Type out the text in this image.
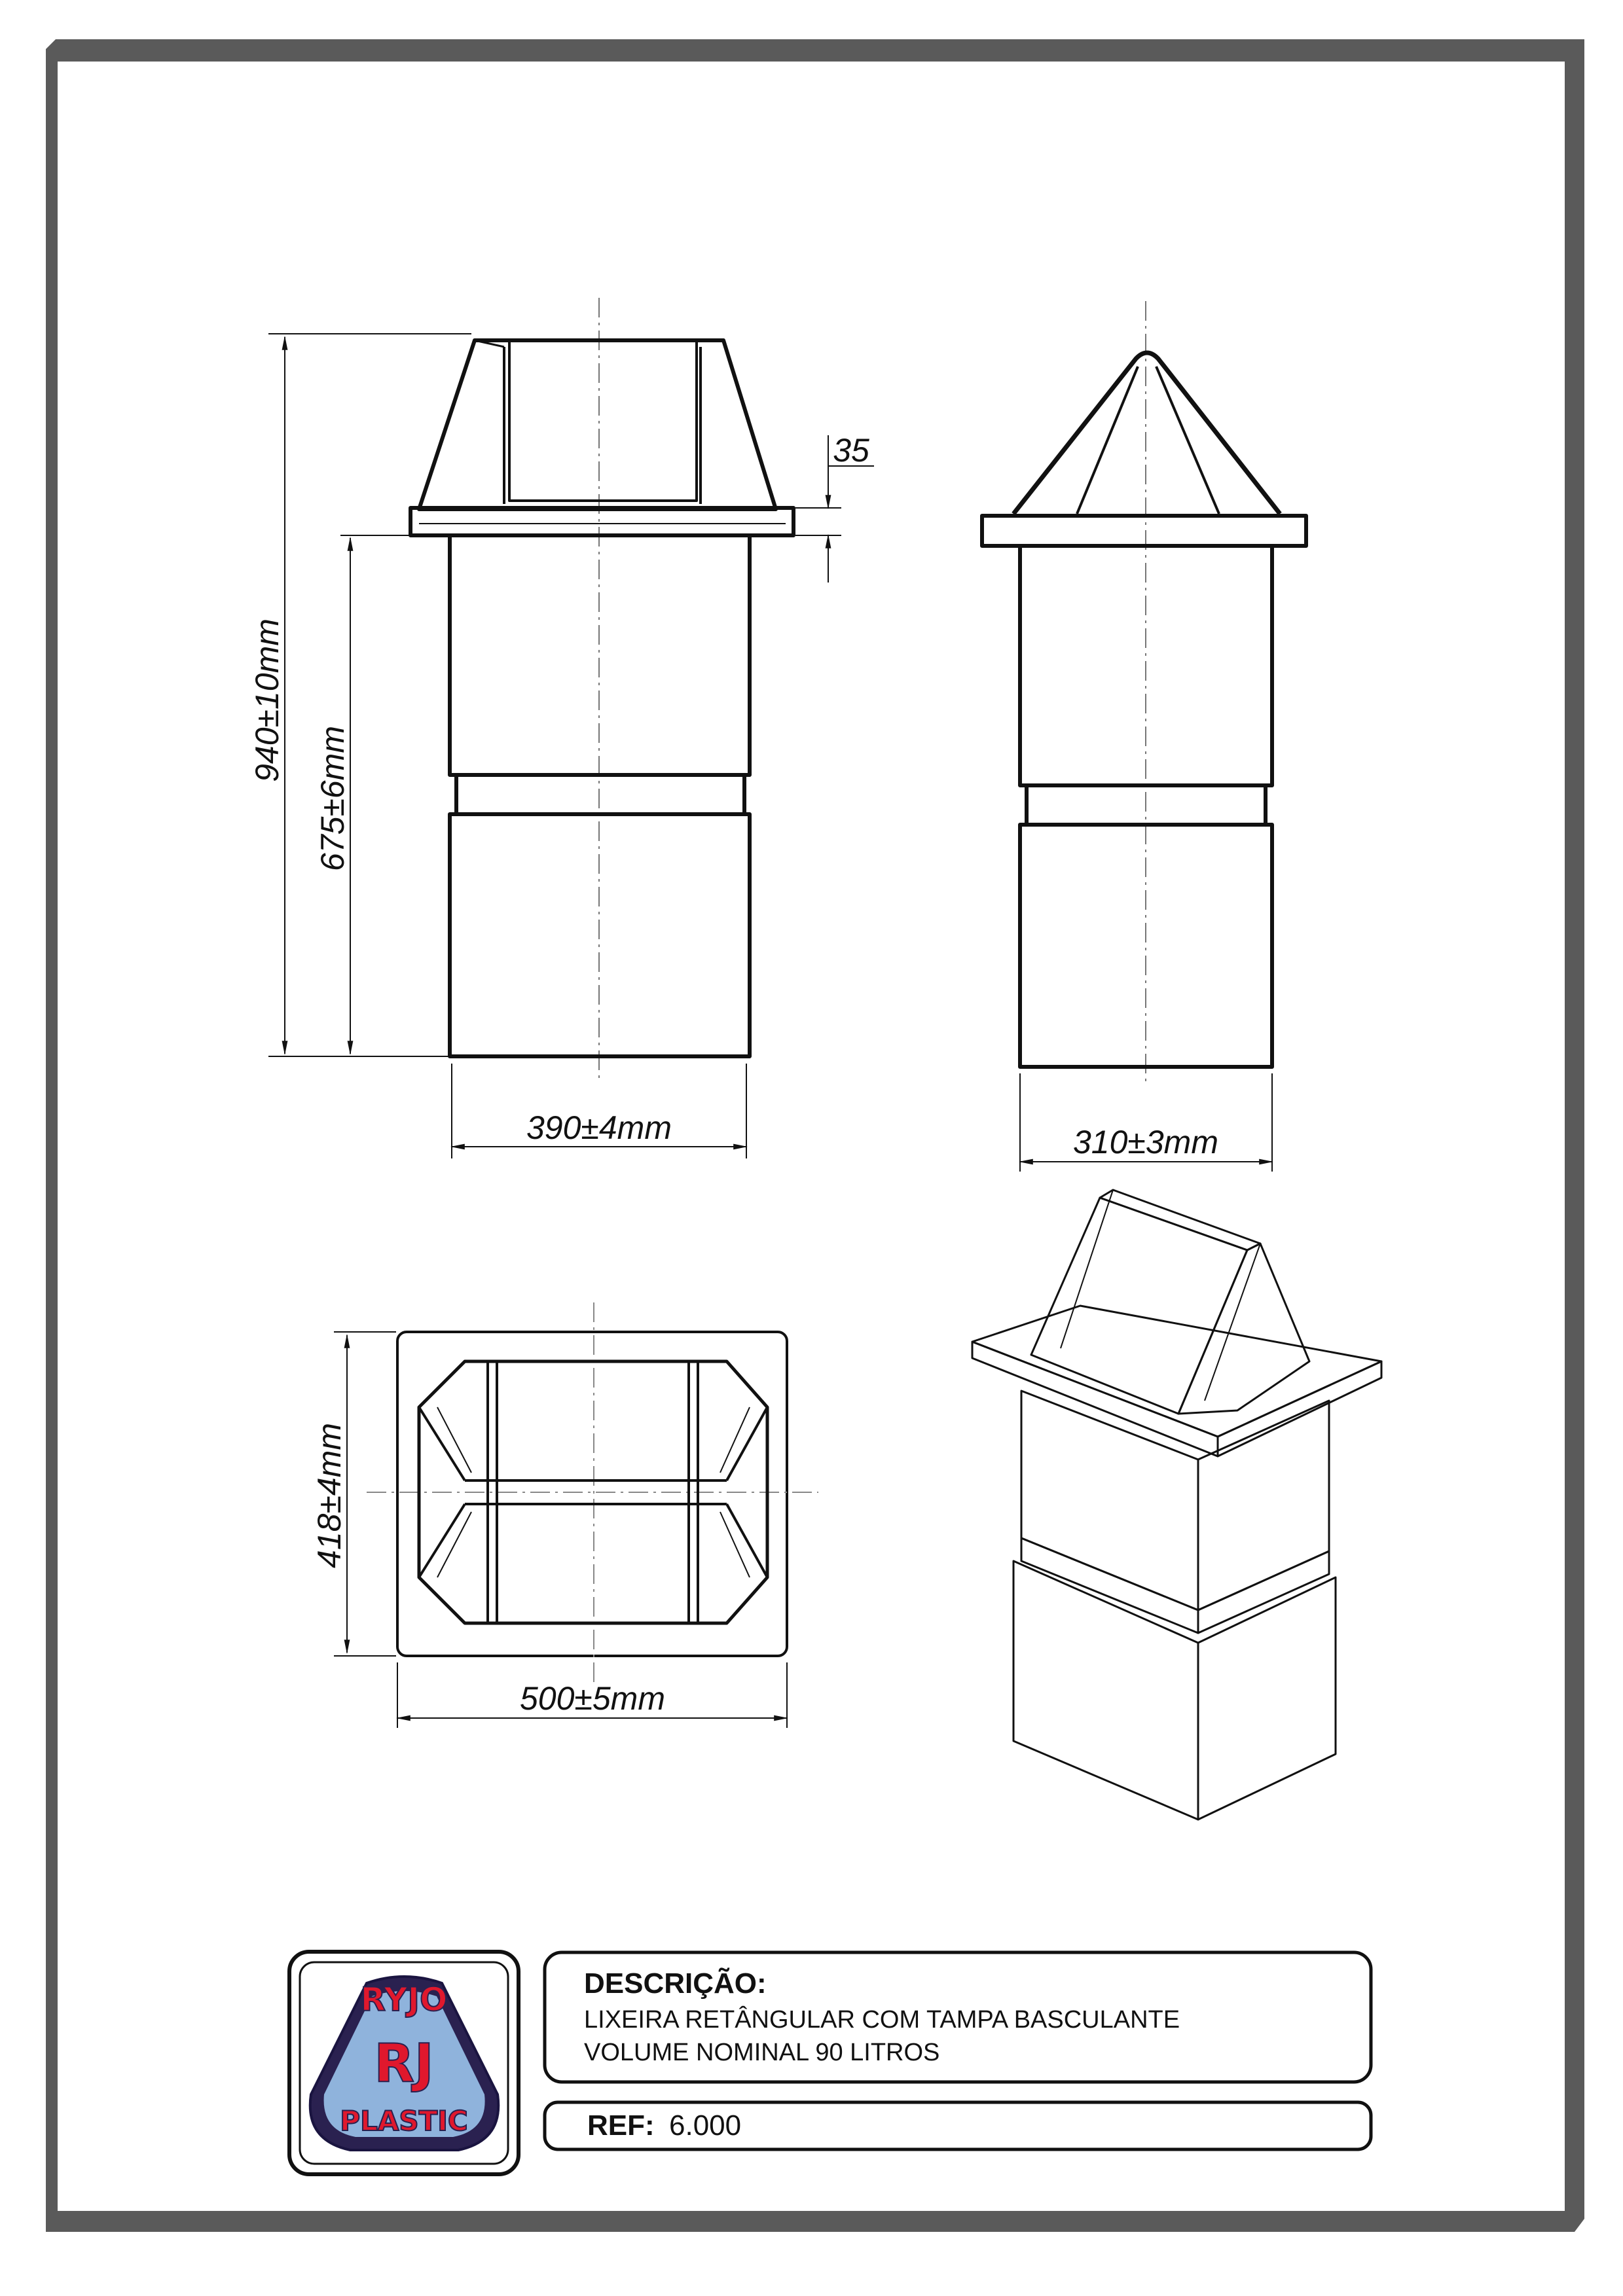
940±10mm
675±6mm
390±4mm
35
310±3mm
418±4mm
500±5mm
RYJO
RJ
PLASTIC
DESCRIÇÃO:
LIXEIRA RETÂNGULAR COM TAMPA BASCULANTE
VOLUME NOMINAL 90 LITROS
REF: 6.000
